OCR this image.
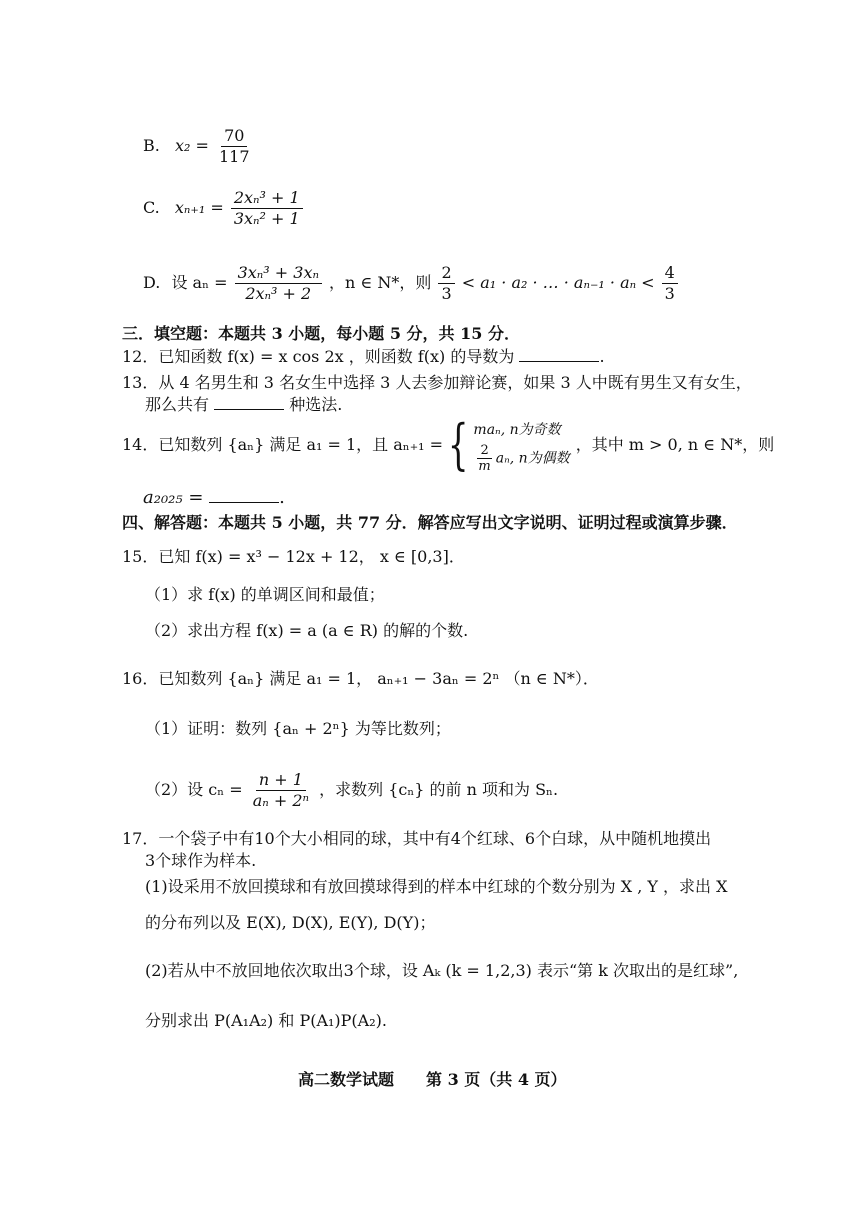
B. $x_2 = \frac{70}{117}$
C. $x_{n+1} = \frac{\text{2xₙ³ + 1}}{\text{3xₙ² + 1}}$
D. 设 $a_n = \frac{\text{3xₙ³ + 3xₙ}}{\text{2xₙ³ + 2}}$ ，n ∈ N*，则 $\frac{2}{3} < a_1 \cdot a_2$ · … · $a_{n-1} \cdot a_n < \frac{4}{3}$
三．填空题：本题共 3 小题，每小题 5 分，共 15 分．
12．已知函数 f(x) = x cos 2x ，则函数 f(x) 的导数为	.
13．从 4 名男生和 3 名女生中选择 3 人去参加辩论赛，如果 3 人中既有男生又有女生，
那么共有	种选法.
14．已知数列 {aₙ} 满足 a₁ = 1，且 aₙ₊₁ = { maₙ, n为奇数
$\frac{2}{m} a_n$, n为偶数
，其中 m > 0, n ∈ N*，则
a₂₀₂₅ =	.
四、解答题：本题共 5 小题，共 77 分．解答应写出文字说明、证明过程或演算步骤．
15．已知 f(x) = x³ − 12x + 12， x ∈ [0,3]．
（1）求 f(x) 的单调区间和最值；
（2）求出方程 f(x) = a (a ∈ R) 的解的个数.
16．已知数列 {aₙ} 满足 a₁ = 1， aₙ₊₁ − 3aₙ = 2ⁿ （n ∈ N*）．
（1）证明：数列 {aₙ + 2ⁿ} 为等比数列；
（2）设 $c_n = \frac{n + 1}{\text{aₙ + 2ⁿ}}$ ，求数列 {cₙ} 的前 n 项和为 Sₙ.
17．一个袋子中有10个大小相同的球，其中有4个红球、6个白球，从中随机地摸出
3个球作为样本.
(1)设采用不放回摸球和有放回摸球得到的样本中红球的个数分别为 X , Y ，求出 X
的分布列以及 E(X), D(X), E(Y), D(Y)；
(2)若从中不放回地依次取出3个球，设 Aₖ (k = 1,2,3) 表示“第 k 次取出的是红球”,
分别求出 P(A₁A₂) 和 P(A₁)P(A₂).
高二数学试题　　第 3 页（共 4 页）
